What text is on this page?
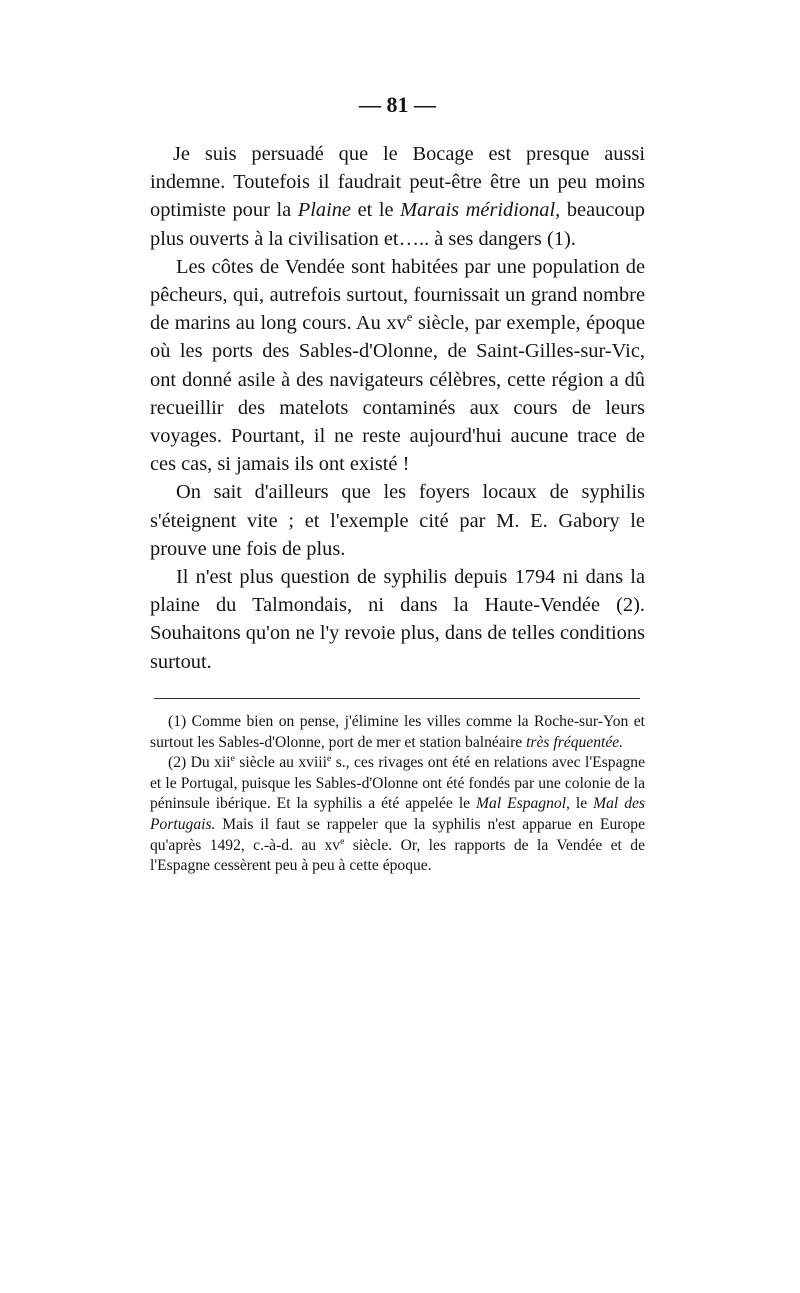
— 81 —

Je suis persuadé que le Bocage est presque aussi indemne. Toutefois il faudrait peut-être être un peu moins optimiste pour la Plaine et le Marais méridional, beaucoup plus ouverts à la civilisation et….. à ses dangers (1).

Les côtes de Vendée sont habitées par une population de pêcheurs, qui, autrefois surtout, fournissait un grand nombre de marins au long cours. Au $xv^e$ siècle, par exemple, époque où les ports des Sables-d'Olonne, de Saint-Gilles-sur-Vic, ont donné asile à des navigateurs célèbres, cette région a dû recueillir des matelots contaminés aux cours de leurs voyages. Pourtant, il ne reste aujourd'hui aucune trace de ces cas, si jamais ils ont existé !

On sait d'ailleurs que les foyers locaux de syphilis s'éteignent vite ; et l'exemple cité par M. E. Gabory le prouve une fois de plus.

Il n'est plus question de syphilis depuis 1794 ni dans la plaine du Talmondais, ni dans la Haute-Vendée (2). Souhaitons qu'on ne l'y revoie plus, dans de telles conditions surtout.

(1) Comme bien on pense, j'élimine les villes comme la Roche-sur-Yon et surtout les Sables-d'Olonne, port de mer et station balnéaire très fréquentée.

(2) Du xii$^e$ siècle au xviii$^e$ s., ces rivages ont été en relations avec l'Espagne et le Portugal, puisque les Sables-d'Olonne ont été fondés par une colonie de la péninsule ibérique. Et la syphilis a été appelée le Mal Espagnol, le Mal des Portugais. Mais il faut se rappeler que la syphilis n'est apparue en Europe qu'après 1492, c.-à-d. au $xv^e$ siècle. Or, les rapports de la Vendée et de l'Espagne cessèrent peu à peu à cette époque.
